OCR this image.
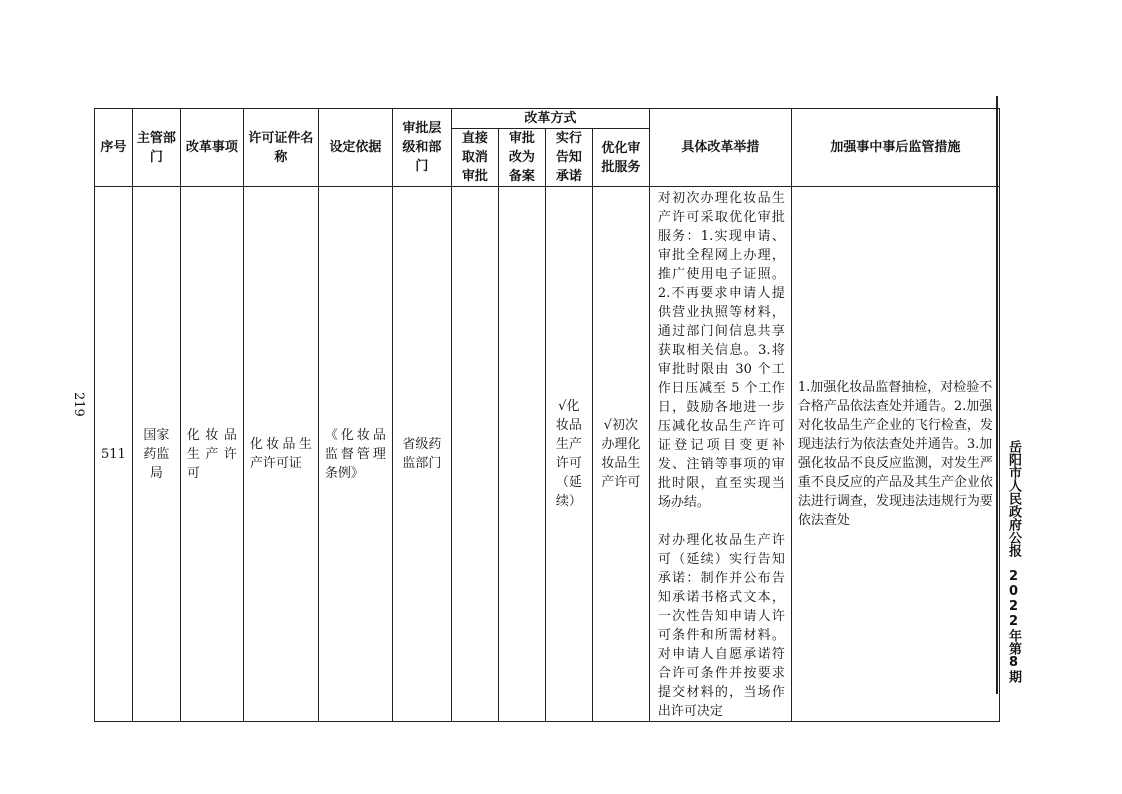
219
岳阳市人民政府公报2022年第8期
序号	主管部门	改革事项	许可证件名称	设定依据	审批层级和部门	改革方式				具体改革举措	加强事中事后监管措施
						直接取消审批	审批改为备案	实行告知承诺	优化审批服务		
511	国家药监局	化妆品生产许可	化妆品生产许可证	《化妆品监督管理条例》	省级药监部门			√化妆品生产许可（延续）	√初次办理化妆品生产许可	对初次办理化妆品生产许可采取优化审批服务：1.实现申请、审批全程网上办理，推广使用电子证照。2.不再要求申请人提供营业执照等材料，通过部门间信息共享获取相关信息。3.将审批时限由 30 个工作日压减至 5 个工作日，鼓励各地进一步压减化妆品生产许可证登记项目变更补发、注销等事项的审批时限，直至实现当场办结。

对办理化妆品生产许可（延续）实行告知承诺：制作并公布告知承诺书格式文本，一次性告知申请人许可条件和所需材料。对申请人自愿承诺符合许可条件并按要求提交材料的，当场作出许可决定	1.加强化妆品监督抽检，对检验不合格产品依法查处并通告。2.加强对化妆品生产企业的飞行检查，发现违法行为依法查处并通告。3.加强化妆品不良反应监测，对发生严重不良反应的产品及其生产企业依法进行调查，发现违法违规行为要依法查处
